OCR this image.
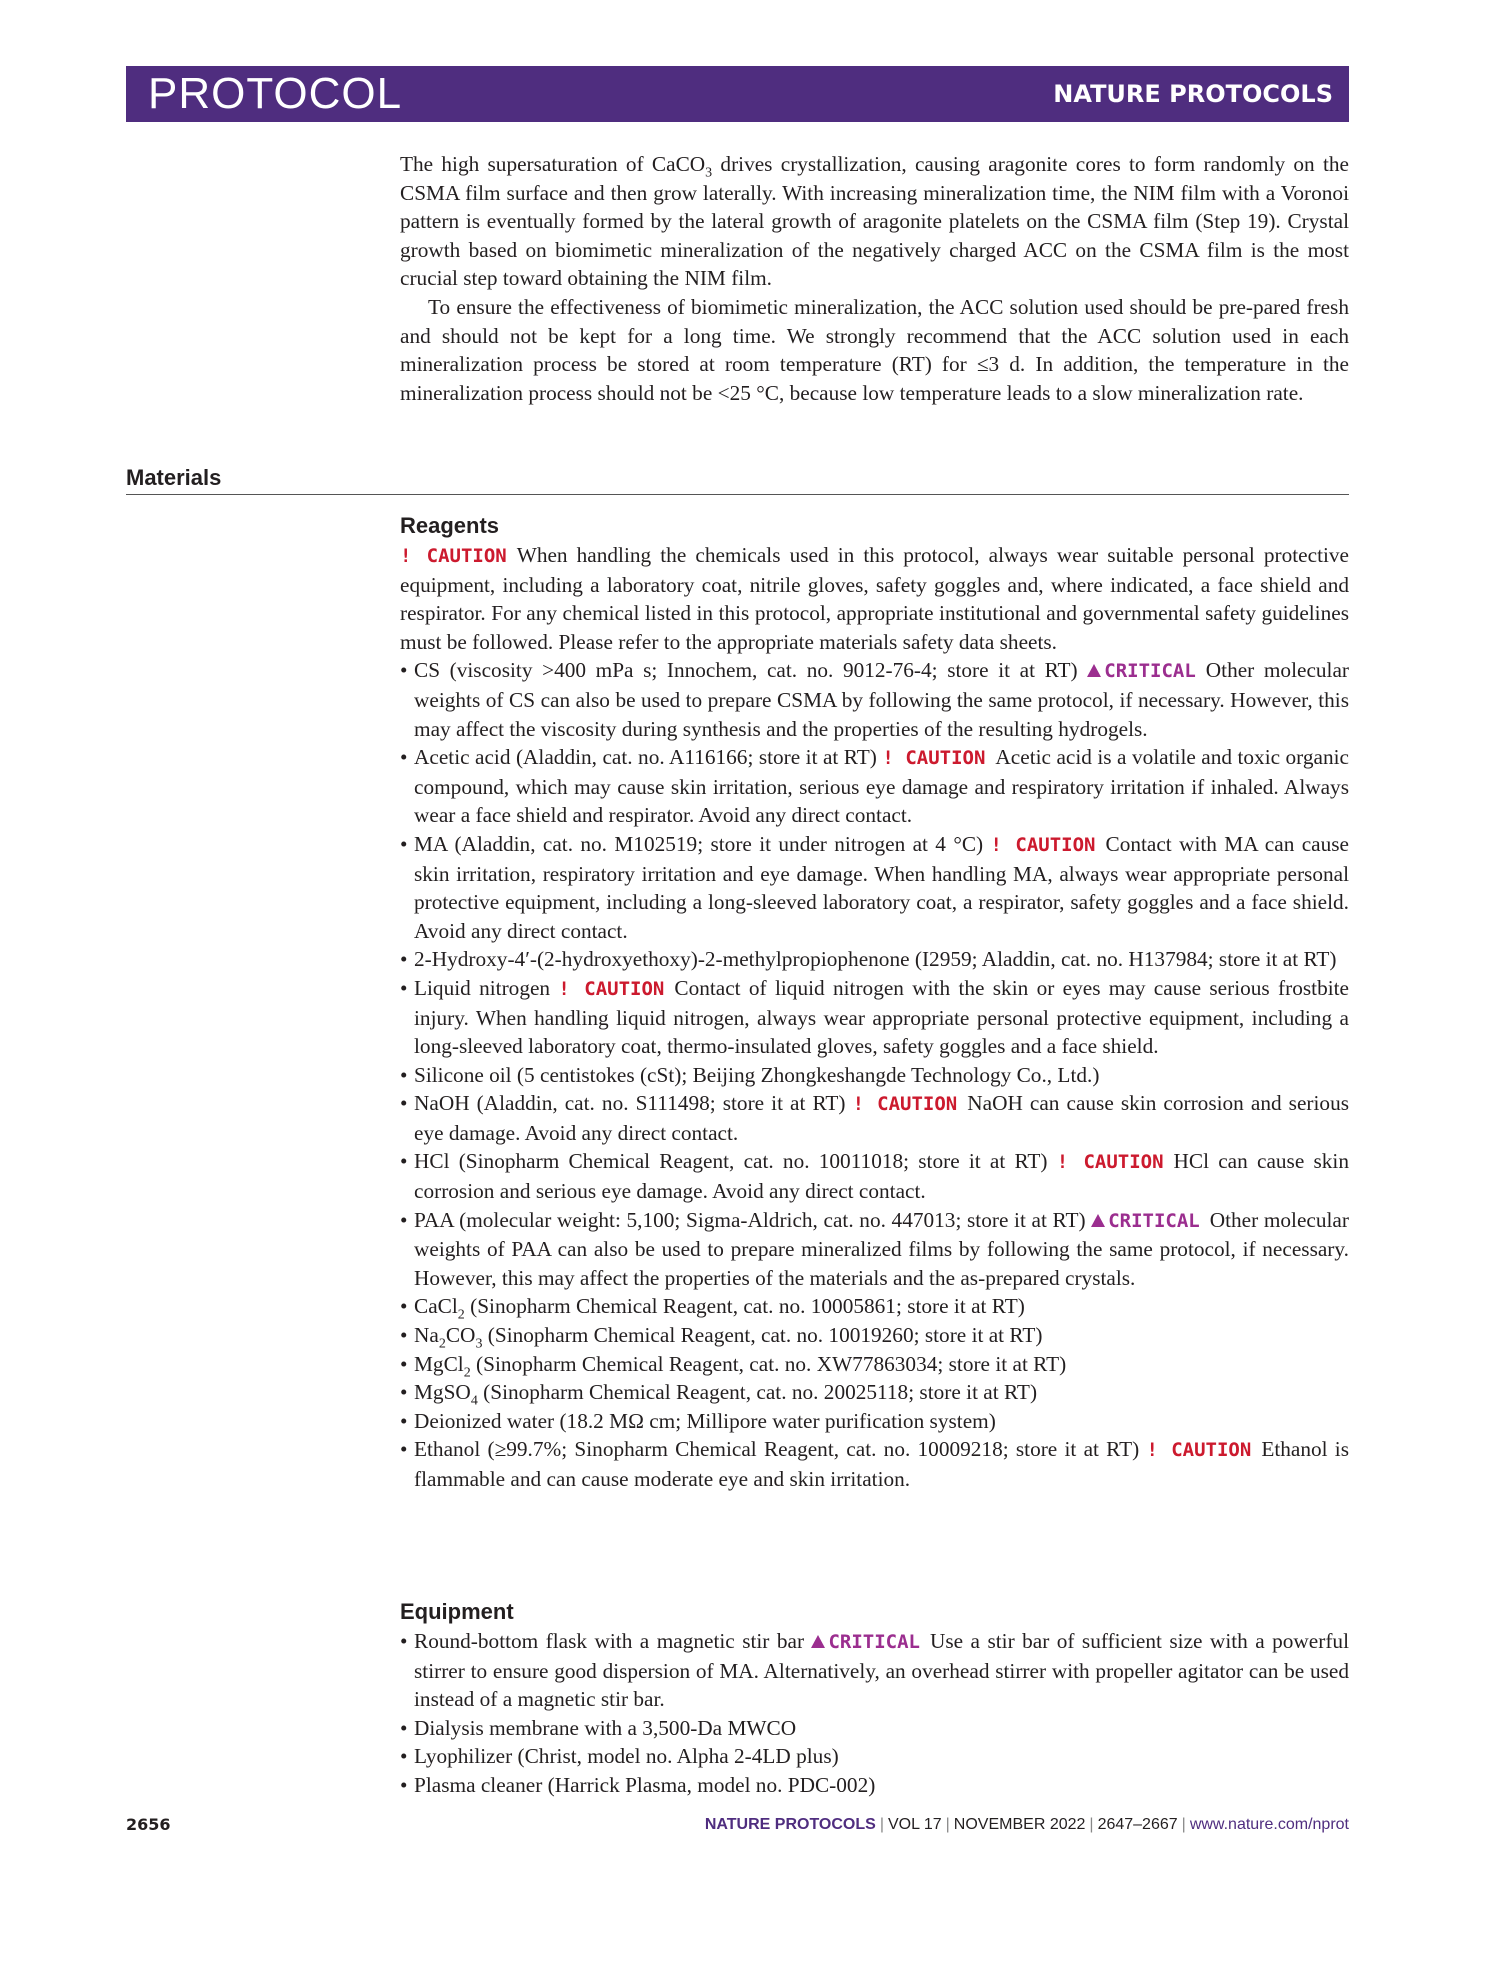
PROTOCOL	NATURE PROTOCOLS

The high supersaturation of CaCO$_3$ drives crystallization, causing aragonite cores to form randomly on the CSMA film surface and then grow laterally. With increasing mineralization time, the NIM film with a Voronoi pattern is eventually formed by the lateral growth of aragonite platelets on the CSMA film (Step 19). Crystal growth based on biomimetic mineralization of the negatively charged ACC on the CSMA film is the most crucial step toward obtaining the NIM film.

To ensure the effectiveness of biomimetic mineralization, the ACC solution used should be pre-pared fresh and should not be kept for a long time. We strongly recommend that the ACC solution used in each mineralization process be stored at room temperature (RT) for ≤3 d. In addition, the temperature in the mineralization process should not be <25 °C, because low temperature leads to a slow mineralization rate.

Materials
Reagents

! CAUTION When handling the chemicals used in this protocol, always wear suitable personal protective equipment, including a laboratory coat, nitrile gloves, safety goggles and, where indicated, a face shield and respirator. For any chemical listed in this protocol, appropriate institutional and governmental safety guidelines must be followed. Please refer to the appropriate materials safety data sheets.

• CS (viscosity >400 mPa s; Innochem, cat. no. 9012-76-4; store it at RT) CRITICAL Other molecular weights of CS can also be used to prepare CSMA by following the same protocol, if necessary. However, this may affect the viscosity during synthesis and the properties of the resulting hydrogels.
• Acetic acid (Aladdin, cat. no. A116166; store it at RT) ! CAUTION Acetic acid is a volatile and toxic organic compound, which may cause skin irritation, serious eye damage and respiratory irritation if inhaled. Always wear a face shield and respirator. Avoid any direct contact.
• MA (Aladdin, cat. no. M102519; store it under nitrogen at 4 °C) ! CAUTION Contact with MA can cause skin irritation, respiratory irritation and eye damage. When handling MA, always wear appropriate personal protective equipment, including a long-sleeved laboratory coat, a respirator, safety goggles and a face shield. Avoid any direct contact.
• 2-Hydroxy-4′-(2-hydroxyethoxy)-2-methylpropiophenone (I2959; Aladdin, cat. no. H137984; store it at RT)
• Liquid nitrogen ! CAUTION Contact of liquid nitrogen with the skin or eyes may cause serious frostbite injury. When handling liquid nitrogen, always wear appropriate personal protective equipment, including a long-sleeved laboratory coat, thermo-insulated gloves, safety goggles and a face shield.
• Silicone oil (5 centistokes (cSt); Beijing Zhongkeshangde Technology Co., Ltd.)
• NaOH (Aladdin, cat. no. S111498; store it at RT) ! CAUTION NaOH can cause skin corrosion and serious eye damage. Avoid any direct contact.
• HCl (Sinopharm Chemical Reagent, cat. no. 10011018; store it at RT) ! CAUTION HCl can cause skin corrosion and serious eye damage. Avoid any direct contact.
• PAA (molecular weight: 5,100; Sigma-Aldrich, cat. no. 447013; store it at RT) CRITICAL Other molecular weights of PAA can also be used to prepare mineralized films by following the same protocol, if necessary. However, this may affect the properties of the materials and the as-prepared crystals.
• CaCl$_2$ (Sinopharm Chemical Reagent, cat. no. 10005861; store it at RT)
• $Na_2CO_3$ (Sinopharm Chemical Reagent, cat. no. 10019260; store it at RT)
• MgCl$_2$ (Sinopharm Chemical Reagent, cat. no. XW77863034; store it at RT)
• MgSO$_4$ (Sinopharm Chemical Reagent, cat. no. 20025118; store it at RT)
• Deionized water (18.2 MΩ cm; Millipore water purification system)
• Ethanol (≥99.7%; Sinopharm Chemical Reagent, cat. no. 10009218; store it at RT) ! CAUTION Ethanol is flammable and can cause moderate eye and skin irritation.
Equipment
• Round-bottom flask with a magnetic stir bar CRITICAL Use a stir bar of sufficient size with a powerful stirrer to ensure good dispersion of MA. Alternatively, an overhead stirrer with propeller agitator can be used instead of a magnetic stir bar.
• Dialysis membrane with a 3,500-Da MWCO
• Lyophilizer (Christ, model no. Alpha 2-4LD plus)
• Plasma cleaner (Harrick Plasma, model no. PDC-002)
2656	NATURE PROTOCOLS | VOL 17 | NOVEMBER 2022 | 2647–2667 | www.nature.com/nprot
